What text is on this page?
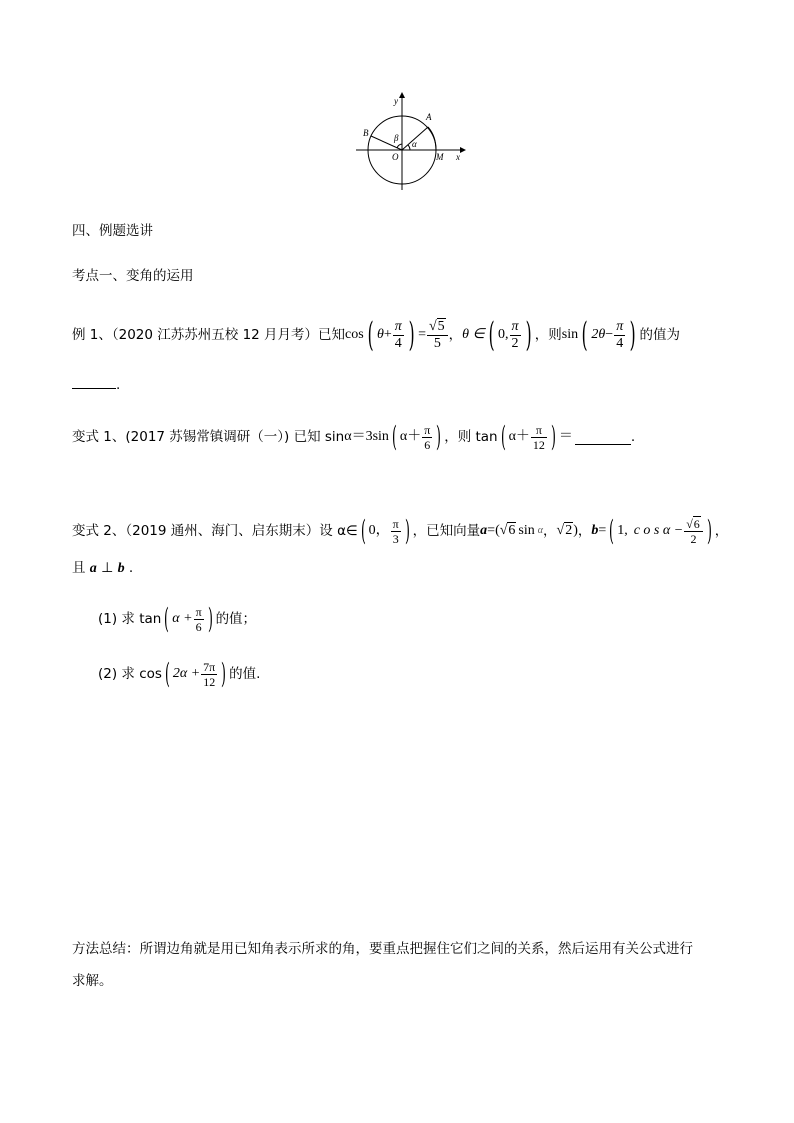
y
x
A
B
O	M
α
β
四、例题选讲
考点一、变角的运用
例 1、（2020 江苏苏州五校 12 月月考）已知 cos ( $\theta + \frac{\pi}{4}$ ) = $\frac{√5}{5}$ ， θ ∈ ( 0, $\frac{\pi}{2}$ ) ，则 sin ( $2\theta - \frac{\pi}{4}$ ) 的值为
.
变式 1、(2017 苏锡常镇调研（一）) 已知 sin α ＝3sin ( $\alpha+ \frac{\pi}{6}$ ) ，则 tan ( $\alpha+ \frac{\pi}{12}$ ) ＝	.
变式 2、（2019 通州、海门、启东期末）设 α∈ ( 0， $\frac{\pi}{3}$ ) ，已知向量 a =( √6 sin α ， √2 ) ， b = ( 1, c o s $\alpha - \frac{√6}{2}$ ) ，
且 a ⊥ b .
(1) 求 tan ( $\alpha + \frac{\pi}{6}$ ) 的值；
(2) 求 cos ( $2\alpha + \frac{7\pi}{12}$ ) 的值.
方法总结：所谓边角就是用已知角表示所求的角，要重点把握住它们之间的关系，然后运用有关公式进行
求解。
